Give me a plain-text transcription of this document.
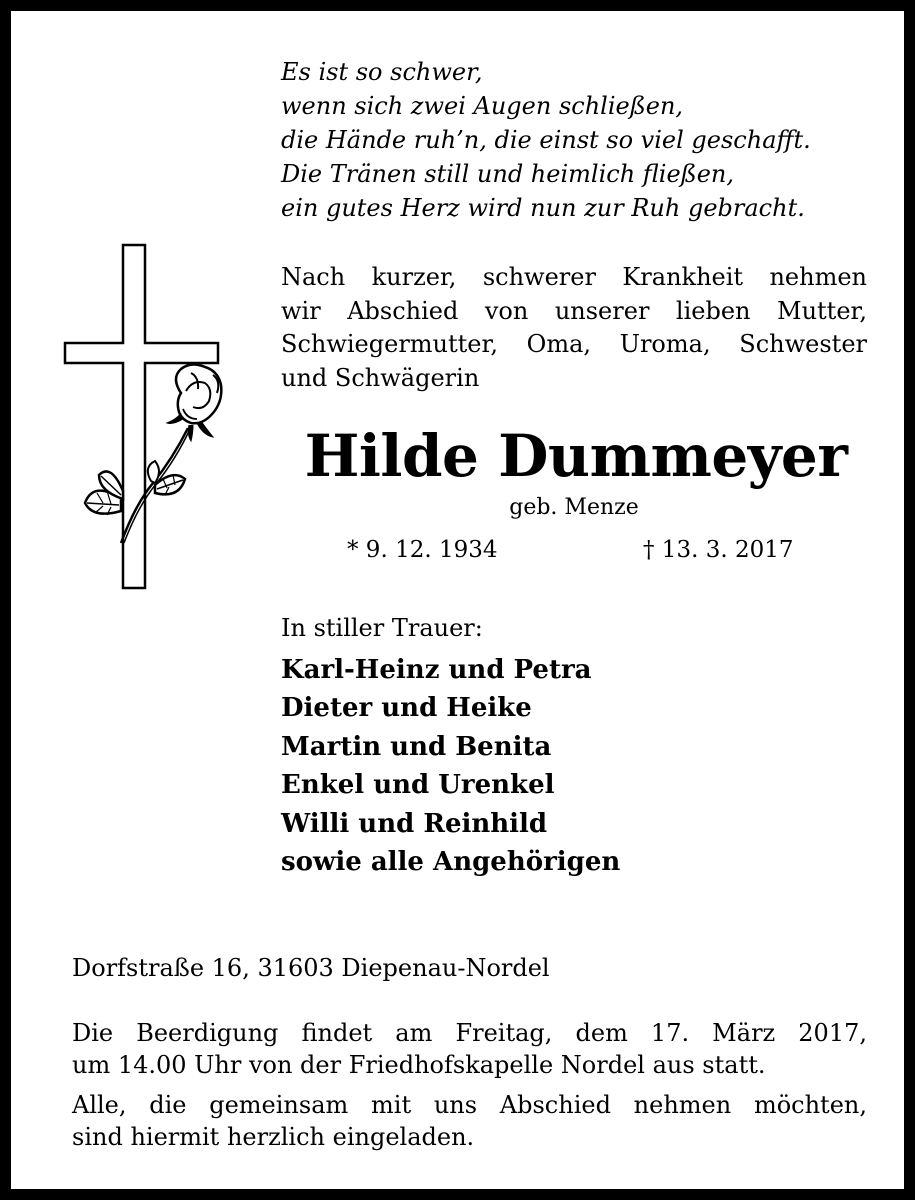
Es ist so schwer,
wenn sich zwei Augen schließen,
die Hände ruh’n, die einst so viel geschafft.
Die Tränen still und heimlich fließen,
ein gutes Herz wird nun zur Ruh gebracht.
Nach kurzer, schwerer Krankheit nehmen
wir Abschied von unserer lieben Mutter,
Schwiegermutter, Oma, Uroma, Schwester
und Schwägerin
Hilde Dummeyer
geb. Menze
* 9. 12. 1934	† 13. 3. 2017
In stiller Trauer:
Karl-Heinz und Petra
Dieter und Heike
Martin und Benita
Enkel und Urenkel
Willi und Reinhild
sowie alle Angehörigen
Dorfstraße 16, 31603 Diepenau-Nordel
Die Beerdigung findet am Freitag, dem 17. März 2017,
um 14.00 Uhr von der Friedhofskapelle Nordel aus statt.
Alle, die gemeinsam mit uns Abschied nehmen möchten,
sind hiermit herzlich eingeladen.
